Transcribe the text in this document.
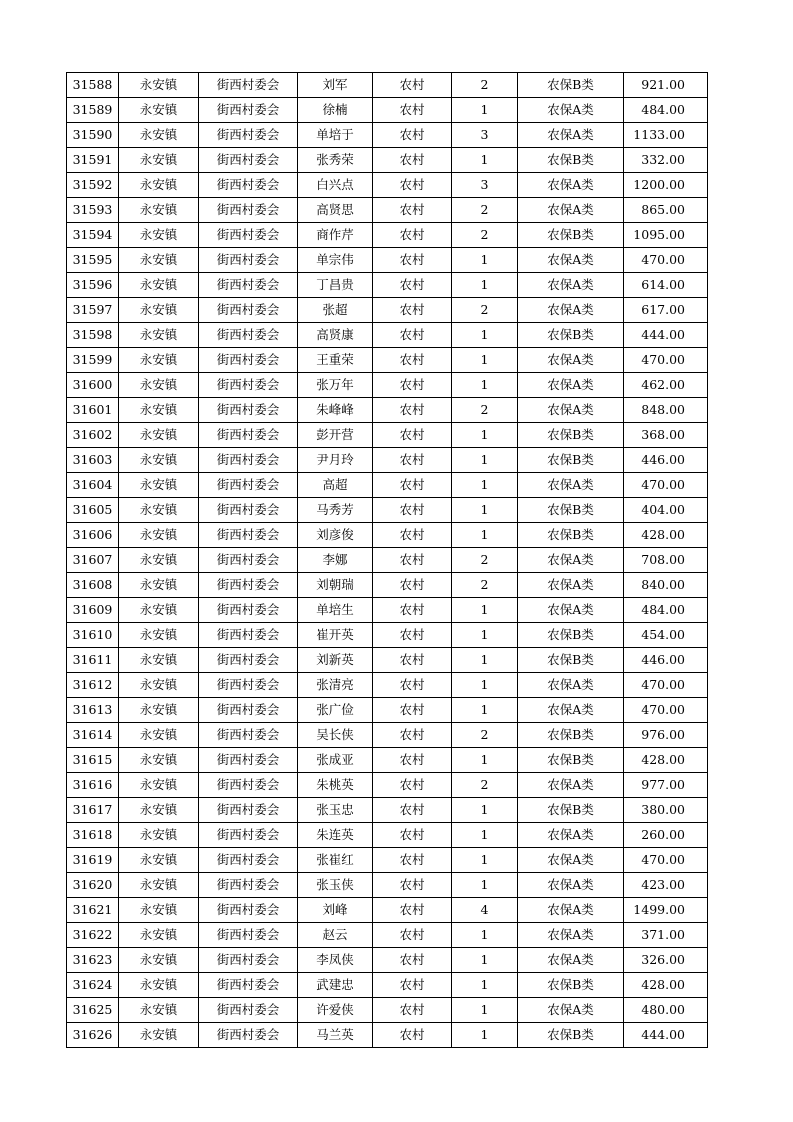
31588	永安镇	街西村委会	刘军	农村	2	农保B类	921.00
31589	永安镇	街西村委会	徐楠	农村	1	农保A类	484.00
31590	永安镇	街西村委会	单培于	农村	3	农保A类	1133.00
31591	永安镇	街西村委会	张秀荣	农村	1	农保B类	332.00
31592	永安镇	街西村委会	白兴点	农村	3	农保A类	1200.00
31593	永安镇	街西村委会	高贤思	农村	2	农保A类	865.00
31594	永安镇	街西村委会	商作芹	农村	2	农保B类	1095.00
31595	永安镇	街西村委会	单宗伟	农村	1	农保A类	470.00
31596	永安镇	街西村委会	丁昌贵	农村	1	农保A类	614.00
31597	永安镇	街西村委会	张超	农村	2	农保A类	617.00
31598	永安镇	街西村委会	高贤康	农村	1	农保B类	444.00
31599	永安镇	街西村委会	王重荣	农村	1	农保A类	470.00
31600	永安镇	街西村委会	张万年	农村	1	农保A类	462.00
31601	永安镇	街西村委会	朱峰峰	农村	2	农保A类	848.00
31602	永安镇	街西村委会	彭开营	农村	1	农保B类	368.00
31603	永安镇	街西村委会	尹月玲	农村	1	农保B类	446.00
31604	永安镇	街西村委会	高超	农村	1	农保A类	470.00
31605	永安镇	街西村委会	马秀芳	农村	1	农保B类	404.00
31606	永安镇	街西村委会	刘彦俊	农村	1	农保B类	428.00
31607	永安镇	街西村委会	李娜	农村	2	农保A类	708.00
31608	永安镇	街西村委会	刘朝瑞	农村	2	农保A类	840.00
31609	永安镇	街西村委会	单培生	农村	1	农保A类	484.00
31610	永安镇	街西村委会	崔开英	农村	1	农保B类	454.00
31611	永安镇	街西村委会	刘新英	农村	1	农保B类	446.00
31612	永安镇	街西村委会	张清亮	农村	1	农保A类	470.00
31613	永安镇	街西村委会	张广俭	农村	1	农保A类	470.00
31614	永安镇	街西村委会	吴长侠	农村	2	农保B类	976.00
31615	永安镇	街西村委会	张成亚	农村	1	农保B类	428.00
31616	永安镇	街西村委会	朱桃英	农村	2	农保A类	977.00
31617	永安镇	街西村委会	张玉忠	农村	1	农保B类	380.00
31618	永安镇	街西村委会	朱连英	农村	1	农保A类	260.00
31619	永安镇	街西村委会	张崔红	农村	1	农保A类	470.00
31620	永安镇	街西村委会	张玉侠	农村	1	农保A类	423.00
31621	永安镇	街西村委会	刘峰	农村	4	农保A类	1499.00
31622	永安镇	街西村委会	赵云	农村	1	农保A类	371.00
31623	永安镇	街西村委会	李凤侠	农村	1	农保A类	326.00
31624	永安镇	街西村委会	武建忠	农村	1	农保B类	428.00
31625	永安镇	街西村委会	许爱侠	农村	1	农保A类	480.00
31626	永安镇	街西村委会	马兰英	农村	1	农保B类	444.00
